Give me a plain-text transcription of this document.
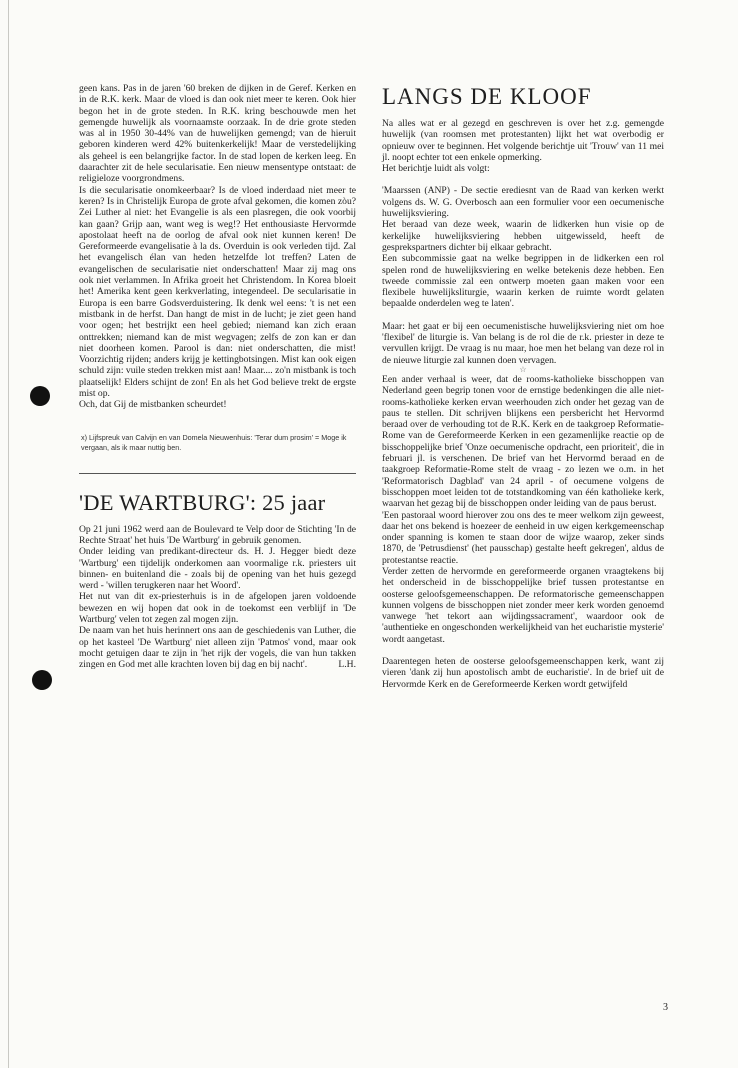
geen kans. Pas in de jaren '60 breken de dijken in de Geref. Kerken en in de R.K. kerk. Maar de vloed is dan ook niet meer te keren. Ook hier begon het in de grote steden. In R.K. kring beschouwde men het gemengde huwelijk als voornaamste oorzaak. In de drie grote steden was al in 1950 30-44% van de huwelijken gemengd; van de hieruit geboren kinderen werd 42% buitenkerkelijk! Maar de verstedelijking als geheel is een belangrijke factor. In de stad lopen de kerken leeg. En daarachter zit de hele secularisatie. Een nieuw mensentype ontstaat: de religieloze voorgrondmens.

Is die secularisatie onomkeerbaar? Is de vloed inderdaad niet meer te keren? Is in Christelijk Europa de grote afval gekomen, die komen zòu? Zei Luther al niet: het Evangelie is als een plasregen, die ook voorbij kan gaan? Grijp aan, want weg is weg!? Het enthousiaste Hervormde apostolaat heeft na de oorlog de afval ook niet kunnen keren! De Gereformeerde evangelisatie à la ds. Overduin is ook verleden tijd. Zal het evangelisch élan van heden hetzelfde lot treffen? Laten de evangelischen de secularisatie niet onderschatten! Maar zij mag ons ook niet verlammen. In Afrika groeit het Christendom. In Korea bloeit het! Amerika kent geen kerkverlating, integendeel. De secularisatie in Europa is een barre Godsverduistering. Ik denk wel eens: 't is net een mistbank in de herfst. Dan hangt de mist in de lucht; je ziet geen hand voor ogen; het bestrijkt een heel gebied; niemand kan zich eraan onttrekken; niemand kan de mist wegvagen; zelfs de zon kan er dan niet doorheen komen. Parool is dan: niet onderschatten, die mist! Voorzichtig rijden; anders krijg je kettingbotsingen. Mist kan ook eigen schuld zijn: vuile steden trekken mist aan! Maar.... zo'n mistbank is toch plaatselijk! Elders schijnt de zon! En als het God believe trekt de ergste mist op.

Och, dat Gij de mistbanken scheurdet!

x) Lijfspreuk van Calvijn en van Domela Nieuwenhuis: 'Terar dum prosim' = Moge ik vergaan, als ik maar nuttig ben.

'DE WARTBURG': 25 jaar

Op 21 juni 1962 werd aan de Boulevard te Velp door de Stichting 'In de Rechte Straat' het huis 'De Wartburg' in gebruik genomen.

Onder leiding van predikant-directeur ds. H. J. Hegger biedt deze 'Wartburg' een tijdelijk onderkomen aan voormalige r.k. priesters uit binnen- en buitenland die - zoals bij de opening van het huis gezegd werd - 'willen terugkeren naar het Woord'.

Het nut van dit ex-priesterhuis is in de afgelopen jaren voldoende bewezen en wij hopen dat ook in de toekomst een verblijf in 'De Wartburg' velen tot zegen zal mogen zijn.

De naam van het huis herinnert ons aan de geschiedenis van Luther, die op het kasteel 'De Wartburg' niet alleen zijn 'Patmos' vond, maar ook mocht getuigen daar te zijn in 'het rijk der vogels, die van hun takken zingen en God met alle krachten loven bij dag en bij nacht'.	L.H.

LANGS DE KLOOF

Na alles wat er al gezegd en geschreven is over het z.g. gemengde huwelijk (van roomsen met protestanten) lijkt het wat overbodig er opnieuw over te beginnen. Het volgende berichtje uit 'Trouw' van 11 mei jl. noopt echter tot een enkele opmerking.

Het berichtje luidt als volgt:

'Maarssen (ANP) - De sectie erediesnt van de Raad van kerken werkt volgens ds. W. G. Overbosch aan een formulier voor een oecumenische huwelijksviering.

Het beraad van deze week, waarin de lidkerken hun visie op de kerkelijke huwelijksviering hebben uitgewisseld, heeft de gesprekspartners dichter bij elkaar gebracht.

Een subcommissie gaat na welke begrippen in de lidkerken een rol spelen rond de huwelijksviering en welke betekenis deze hebben. Een tweede commissie zal een ontwerp moeten gaan maken voor een flexibele huwelijksliturgie, waarin kerken de ruimte wordt gelaten bepaalde onderdelen weg te laten'.

Maar: het gaat er bij een oecumenistische huwelijksviering niet om hoe 'flexibel' de liturgie is. Van belang is de rol die de r.k. priester in deze te vervullen krijgt. De vraag is nu maar, hoe men het belang van deze rol in de nieuwe liturgie zal kunnen doen vervagen.

☆

Een ander verhaal is weer, dat de rooms-katholieke bisschoppen van Nederland geen begrip tonen voor de ernstige bedenkingen die alle niet-rooms-katholieke kerken ervan weerhouden zich onder het gezag van de paus te stellen. Dit schrijven blijkens een persbericht het Hervormd beraad over de verhouding tot de R.K. Kerk en de taakgroep Reformatie-Rome van de Gereformeerde Kerken in een gezamenlijke reactie op de bisschoppelijke brief 'Onze oecumenische opdracht, een prioriteit', die in februari jl. is verschenen. De brief van het Hervormd beraad en de taakgroep Reformatie-Rome stelt de vraag - zo lezen we o.m. in het 'Reformatorisch Dagblad' van 24 april - of oecumene volgens de bisschoppen moet leiden tot de totstandkoming van één katholieke kerk, waarvan het gezag bij de bisschoppen onder leiding van de paus berust.

'Een pastoraal woord hierover zou ons des te meer welkom zijn geweest, daar het ons bekend is hoezeer de eenheid in uw eigen kerkgemeenschap onder spanning is komen te staan door de wijze waarop, zeker sinds 1870, de 'Petrusdienst' (het pausschap) gestalte heeft gekregen', aldus de protestantse reactie.

Verder zetten de hervormde en gereformeerde organen vraagtekens bij het onderscheid in de bisschoppelijke brief tussen protestantse en oosterse geloofsgemeenschappen. De reformatorische gemeenschappen kunnen volgens de bisschoppen niet zonder meer kerk worden genoemd vanwege 'het tekort aan wijdingssacrament', waardoor ook de 'authentieke en ongeschonden werkelijkheid van het eucharistie mysterie' wordt aangetast.

Daarentegen heten de oosterse geloofsgemeenschappen kerk, want zij vieren 'dank zij hun apostolisch ambt de eucharistie'. In de brief uit de Hervormde Kerk en de Gereformeerde Kerken wordt getwijfeld

3
